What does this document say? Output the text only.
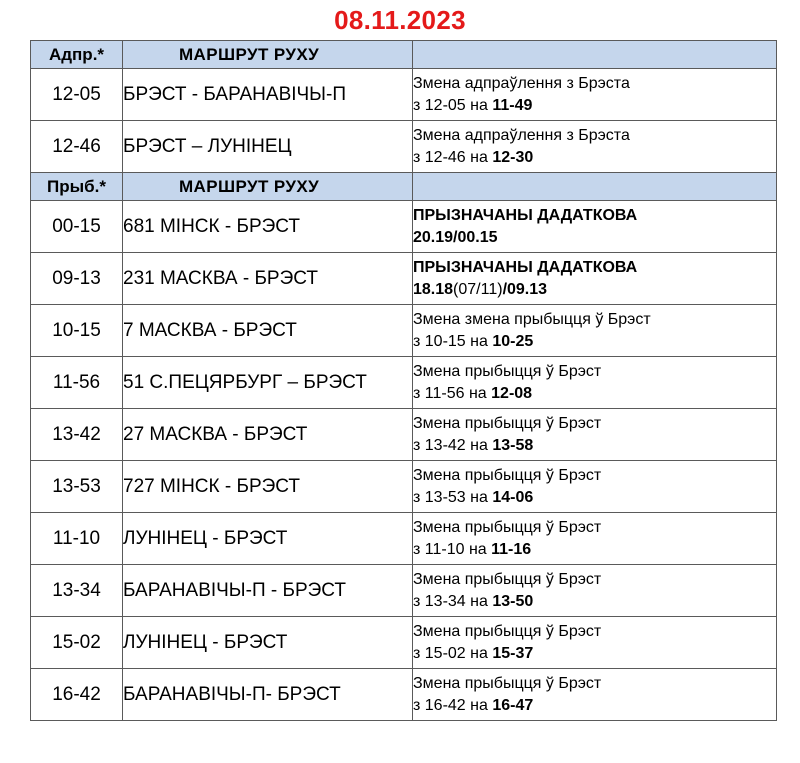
08.11.2023
Адпр.*	МАРШРУТ РУХУ	
12-05	БРЭСТ - БАРАНАВІЧЫ-П	Змена адпраўлення з Брэста
з 12-05 на 11-49

12-46	БРЭСТ – ЛУНІНЕЦ	Змена адпраўлення з Брэста
з 12-46 на 12-30

Прыб.*	МАРШРУТ РУХУ	
00-15	681 МІНСК - БРЭСТ	ПРЫЗНАЧАНЫ ДАДАТКОВА
20.19/00.15

09-13	231 МАСКВА - БРЭСТ	ПРЫЗНАЧАНЫ ДАДАТКОВА
18.18(07/11)/09.13

10-15	7 МАСКВА - БРЭСТ	Змена змена прыбыцця ў Брэст
з 10-15 на 10-25

11-56	51 С.ПЕЦЯРБУРГ – БРЭСТ	Змена прыбыцця ў Брэст
з 11-56 на 12-08

13-42	27 МАСКВА - БРЭСТ	Змена прыбыцця ў Брэст
з 13-42 на 13-58

13-53	727 МІНСК - БРЭСТ	Змена прыбыцця ў Брэст
з 13-53 на 14-06

11-10	ЛУНІНЕЦ - БРЭСТ	Змена прыбыцця ў Брэст
з 11-10 на 11-16

13-34	БАРАНАВІЧЫ-П - БРЭСТ	Змена прыбыцця ў Брэст
з 13-34 на 13-50

15-02	ЛУНІНЕЦ - БРЭСТ	Змена прыбыцця ў Брэст
з 15-02 на 15-37

16-42	БАРАНАВІЧЫ-П- БРЭСТ	Змена прыбыцця ў Брэст
з 16-42 на 16-47
